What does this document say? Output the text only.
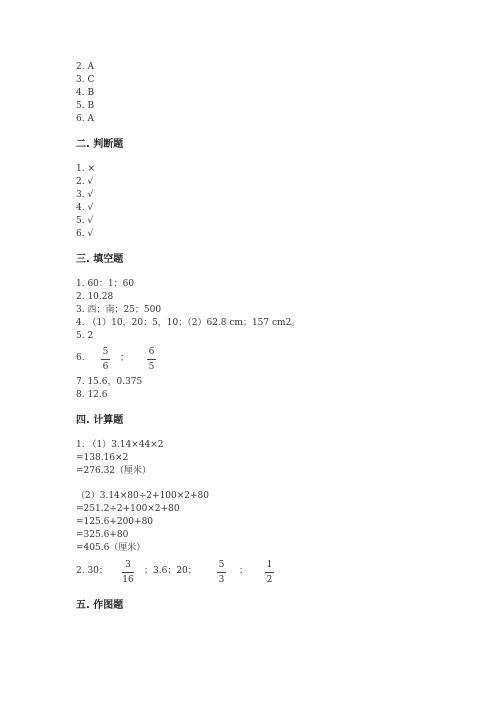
2. A
3. C
4. B
5. B
6. A
二. 判断题
1. ×
2. √
3. √
4. √
5. √
6. √
三. 填空题
1. 60：1；60
2. 10.28
3. 西；南；25；500
4. （1）10，20；5，10；（2）62.8 cm；157 cm2。
5. 2
6.
5
6
；
6
5
7. 15.6，0.375
8. 12.6
四. 计算题
1. （1）3.14×44×2
=138.16×2
=276.32（厘米）
（2）3.14×80÷2+100×2+80
=251.2÷2+100×2+80
=125.6+200+80
=325.6+80
=405.6（厘米）
2. 30；
3
16
；3.6；20；
5
3
；
1
2
五. 作图题
